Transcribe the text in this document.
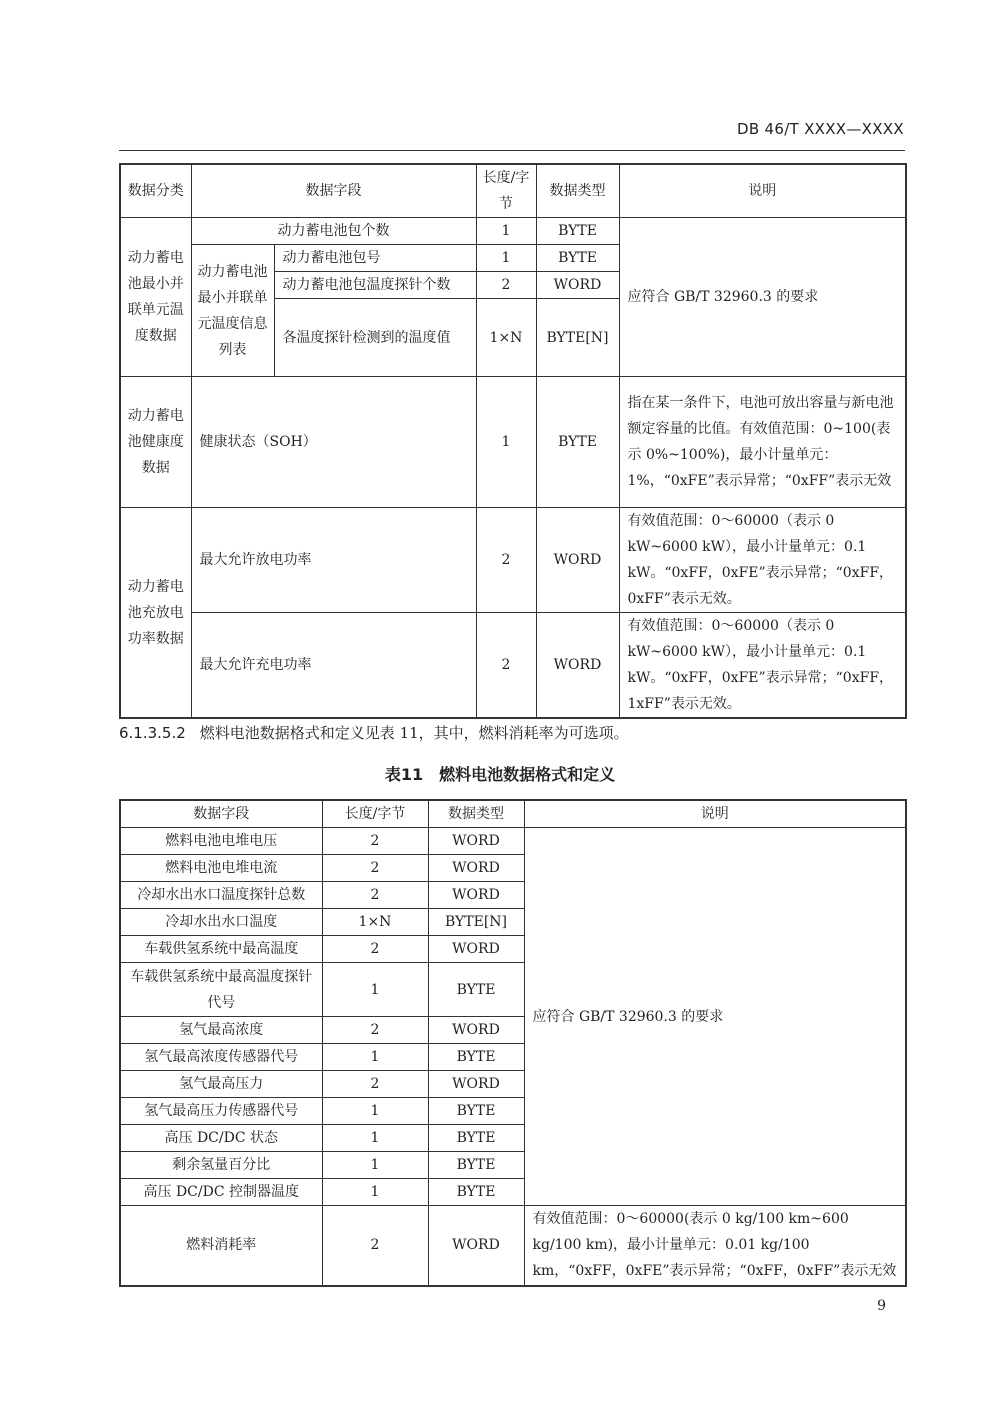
DB 46/T XXXX—XXXX
数据分类	数据字段		长度/字节	数据类型	说明
动力蓄电池最小并联单元温度数据	动力蓄电池包个数		1	BYTE	应符合 GB/T 32960.3 的要求
	动力蓄电池最小并联单元温度信息列表	动力蓄电池包号	1	BYTE	
		动力蓄电池包温度探针个数	2	WORD	
		各温度探针检测到的温度值	1×N	BYTE[N]	

动力蓄电池健康度数据	健康状态（SOH）		1	BYTE	指在某一条件下，电池可放出容量与新电池额定容量的比值。有效值范围：0~100(表示 0%~100%)，最小计量单元：1%，“0xFE”表示异常；“0xFF”表示无效
动力蓄电池充放电功率数据	最大允许放电功率		2	WORD	有效值范围：0～60000（表示 0 kW~6000 kW），最小计量单元：0.1 kW。“0xFF，0xFE”表示异常；“0xFF，0xFF”表示无效。
	最大允许充电功率		2	WORD	有效值范围：0～60000（表示 0 kW~6000 kW），最小计量单元：0.1 kW。“0xFF，0xFE”表示异常；“0xFF，1xFF”表示无效。
6.1.3.5.2 燃料电池数据格式和定义见表 11，其中，燃料消耗率为可选项。
表11　燃料电池数据格式和定义
数据字段	长度/字节	数据类型	说明
燃料电池电堆电压	2	WORD	应符合 GB/T 32960.3 的要求
燃料电池电堆电流	2	WORD	
冷却水出水口温度探针总数	2	WORD	
冷却水出水口温度	1×N	BYTE[N]	
车载供氢系统中最高温度	2	WORD	
车载供氢系统中最高温度探针代号	1	BYTE	
氢气最高浓度	2	WORD	
氢气最高浓度传感器代号	1	BYTE	
氢气最高压力	2	WORD	
氢气最高压力传感器代号	1	BYTE	
高压 DC/DC 状态	1	BYTE	
剩余氢量百分比	1	BYTE	
高压 DC/DC 控制器温度	1	BYTE	
燃料消耗率	2	WORD	有效值范围：0～60000(表示 0 kg/100 km~600 kg/100 km)，最小计量单元：0.01 kg/100 km，“0xFF，0xFE”表示异常；“0xFF，0xFF”表示无效
9
